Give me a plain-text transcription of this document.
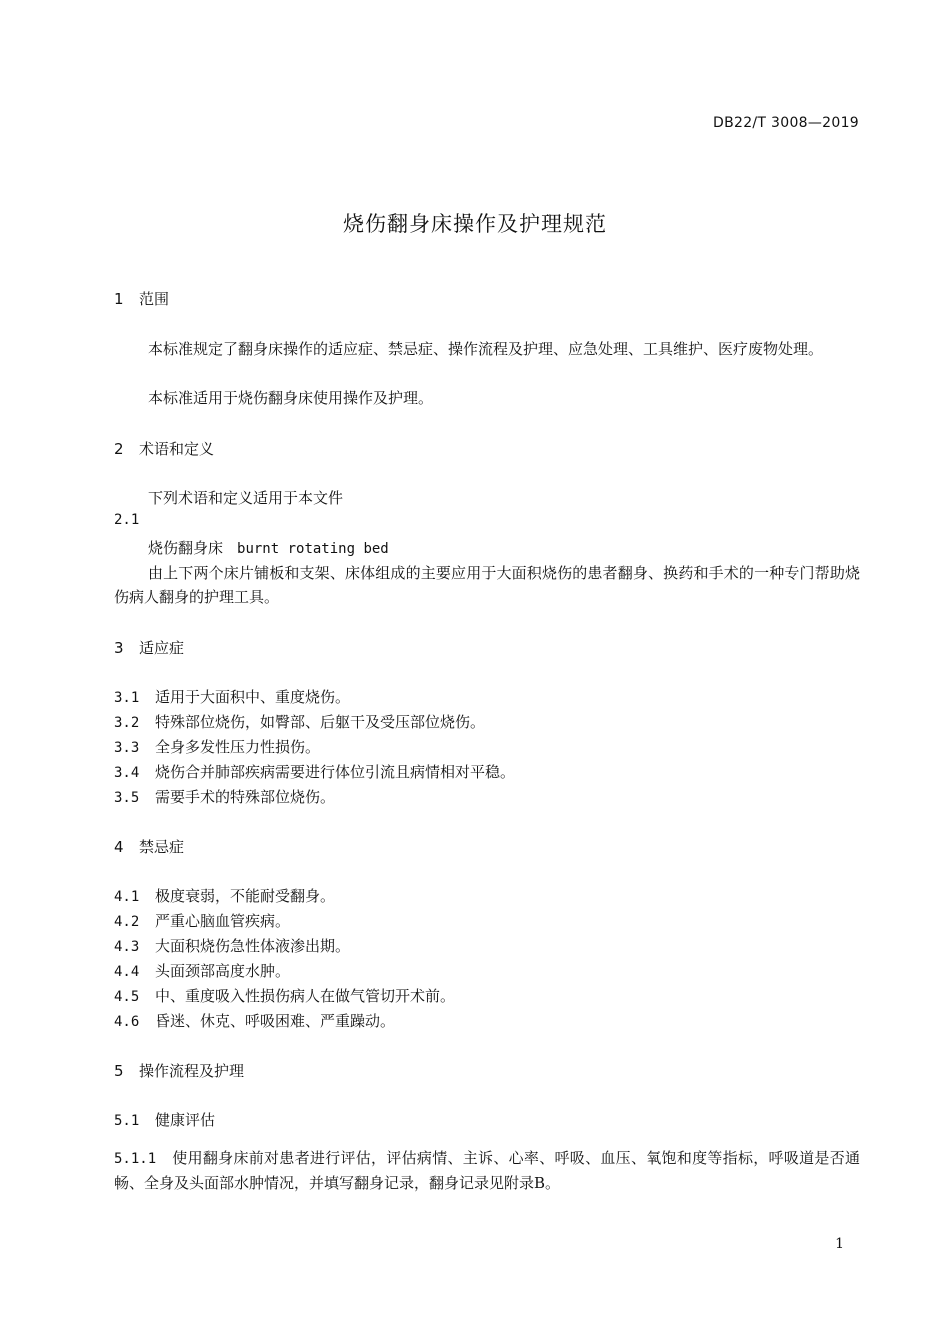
DB22/T 3008—2019
烧伤翻身床操作及护理规范
1 范围
本标准规定了翻身床操作的适应症、禁忌症、操作流程及护理、应急处理、工具维护、医疗废物处理。
本标准适用于烧伤翻身床使用操作及护理。
2 术语和定义
下列术语和定义适用于本文件
2.1
烧伤翻身床 burnt rotating bed
由上下两个床片铺板和支架、床体组成的主要应用于大面积烧伤的患者翻身、换药和手术的一种专门帮助烧伤病人翻身的护理工具。
3 适应症
3.1 适用于大面积中、重度烧伤。
3.2 特殊部位烧伤，如臀部、后躯干及受压部位烧伤。
3.3 全身多发性压力性损伤。
3.4 烧伤合并肺部疾病需要进行体位引流且病情相对平稳。
3.5 需要手术的特殊部位烧伤。
4 禁忌症
4.1 极度衰弱，不能耐受翻身。
4.2 严重心脑血管疾病。
4.3 大面积烧伤急性体液渗出期。
4.4 头面颈部高度水肿。
4.5 中、重度吸入性损伤病人在做气管切开术前。
4.6 昏迷、休克、呼吸困难、严重躁动。
5 操作流程及护理
5.1 健康评估
5.1.1 使用翻身床前对患者进行评估，评估病情、主诉、心率、呼吸、血压、氧饱和度等指标，呼吸道是否通畅、全身及头面部水肿情况，并填写翻身记录，翻身记录见附录B。
1
